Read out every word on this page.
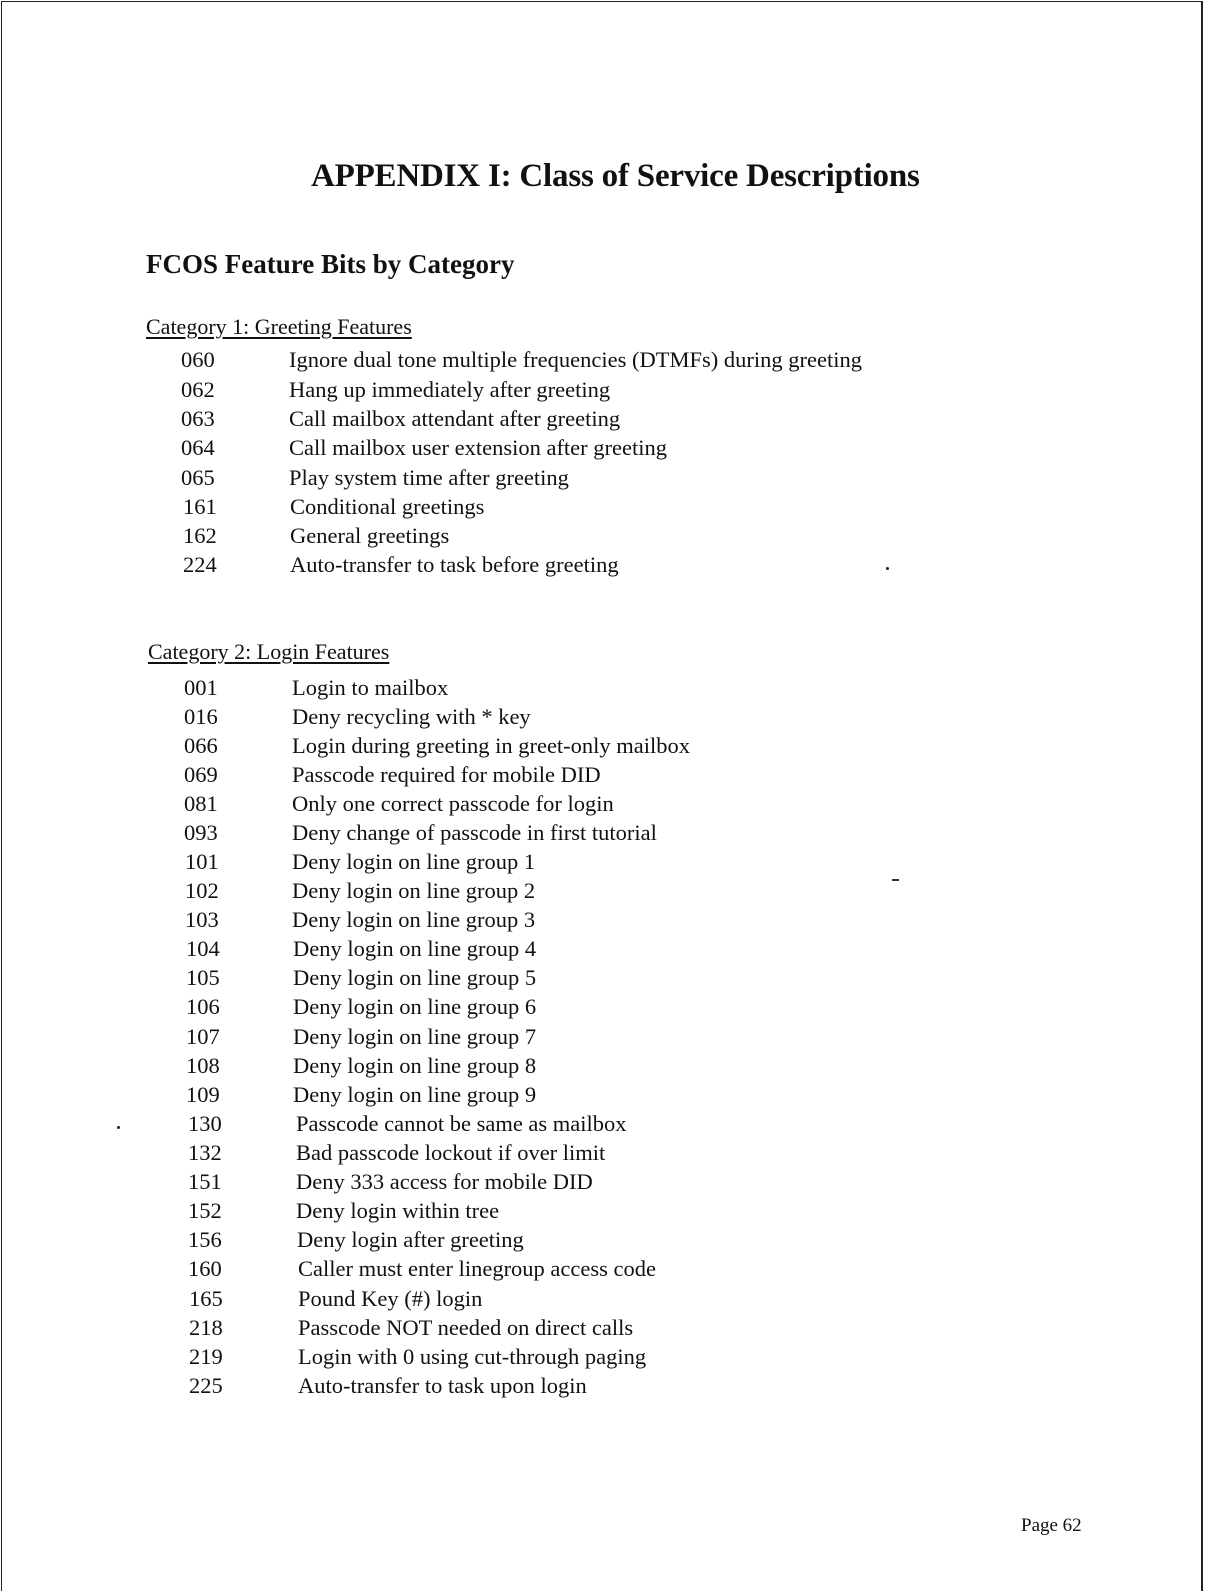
APPENDIX I: Class of Service Descriptions
FCOS Feature Bits by Category
Category 1: Greeting Features
060	Ignore dual tone multiple frequencies (DTMFs) during greeting
062	Hang up immediately after greeting
063	Call mailbox attendant after greeting
064	Call mailbox user extension after greeting
065	Play system time after greeting
161	Conditional greetings
162	General greetings
224	Auto-transfer to task before greeting
Category 2: Login Features
001	Login to mailbox
016	Deny recycling with * key
066	Login during greeting in greet-only mailbox
069	Passcode required for mobile DID
081	Only one correct passcode for login
093	Deny change of passcode in first tutorial
101	Deny login on line group 1
102	Deny login on line group 2
103	Deny login on line group 3
104	Deny login on line group 4
105	Deny login on line group 5
106	Deny login on line group 6
107	Deny login on line group 7
108	Deny login on line group 8
109	Deny login on line group 9
130	Passcode cannot be same as mailbox
132	Bad passcode lockout if over limit
151	Deny 333 access for mobile DID
152	Deny login within tree
156	Deny login after greeting
160	Caller must enter linegroup access code
165	Pound Key (#) login
218	Passcode NOT needed on direct calls
219	Login with 0 using cut-through paging
225	Auto-transfer to task upon login
Page 62
